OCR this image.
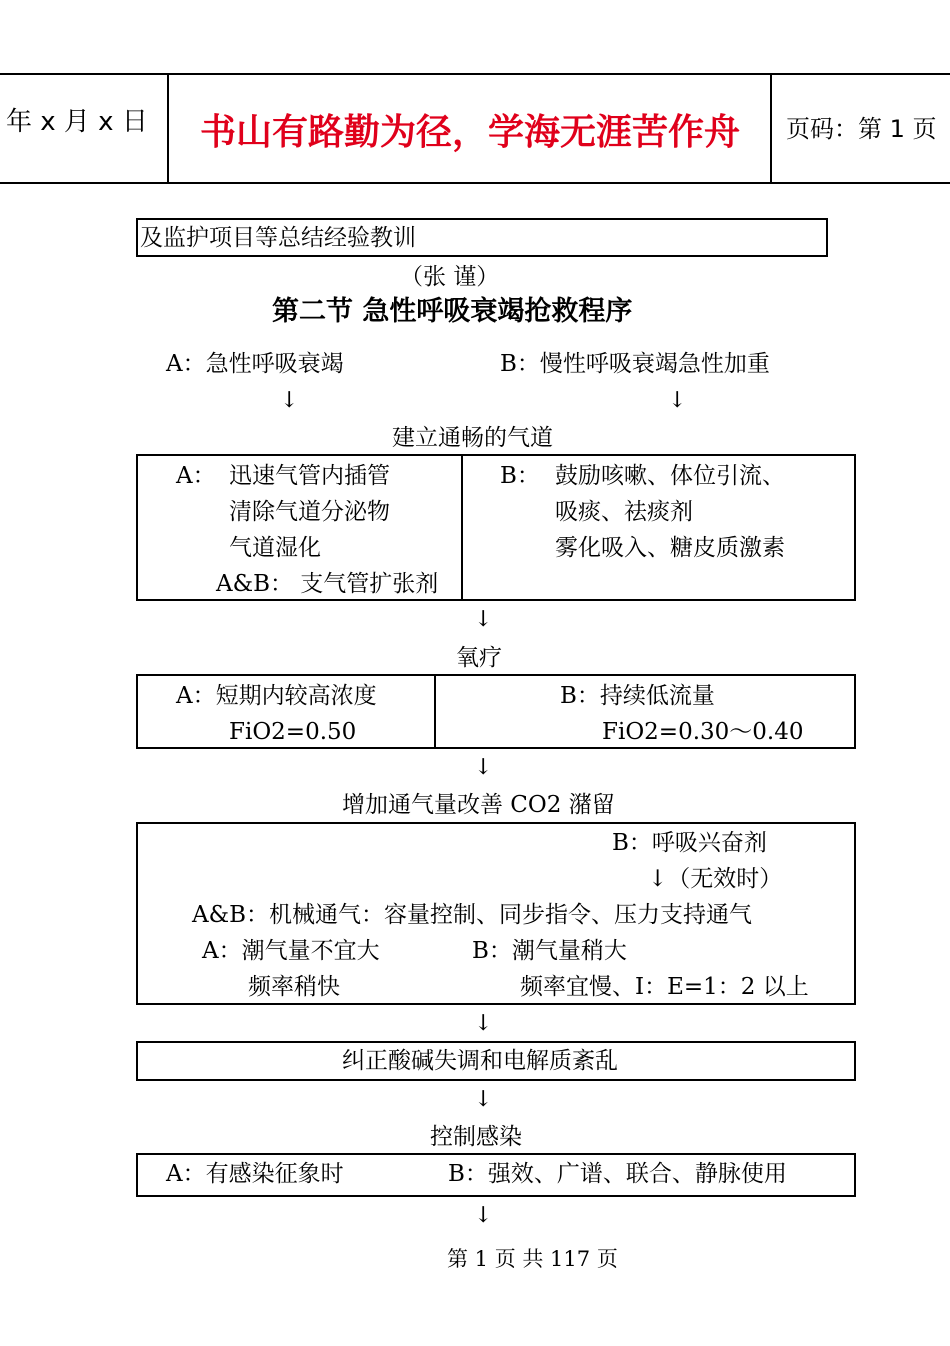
年 x 月 x 日 书山有路勤为径，学海无涯苦作舟 页码：第 1 页
及监护项目等总结经验教训
（张 谨）
第二节 急性呼吸衰竭抢救程序
A：急性呼吸衰竭	B：慢性呼吸衰竭急性加重
↓	↓
建立通畅的气道
A： 迅速气管内插管
清除气道分泌物
气道湿化
A&B： 支气管扩张剂
B： 鼓励咳嗽、体位引流、
吸痰、祛痰剂
雾化吸入、糖皮质激素
↓
氧疗
A：短期内较高浓度
FiO2=0.50
B：持续低流量
FiO2=0.30～0.40
↓
增加通气量改善 CO2 潴留
B：呼吸兴奋剂
↓（无效时）
A&B：机械通气：容量控制、同步指令、压力支持通气
A：潮气量不宜大	B：潮气量稍大
频率稍快	频率宜慢、I：E=1：2 以上
↓
纠正酸碱失调和电解质紊乱
↓
控制感染
A：有感染征象时	B：强效、广谱、联合、静脉使用
↓
第 1 页 共 117 页
